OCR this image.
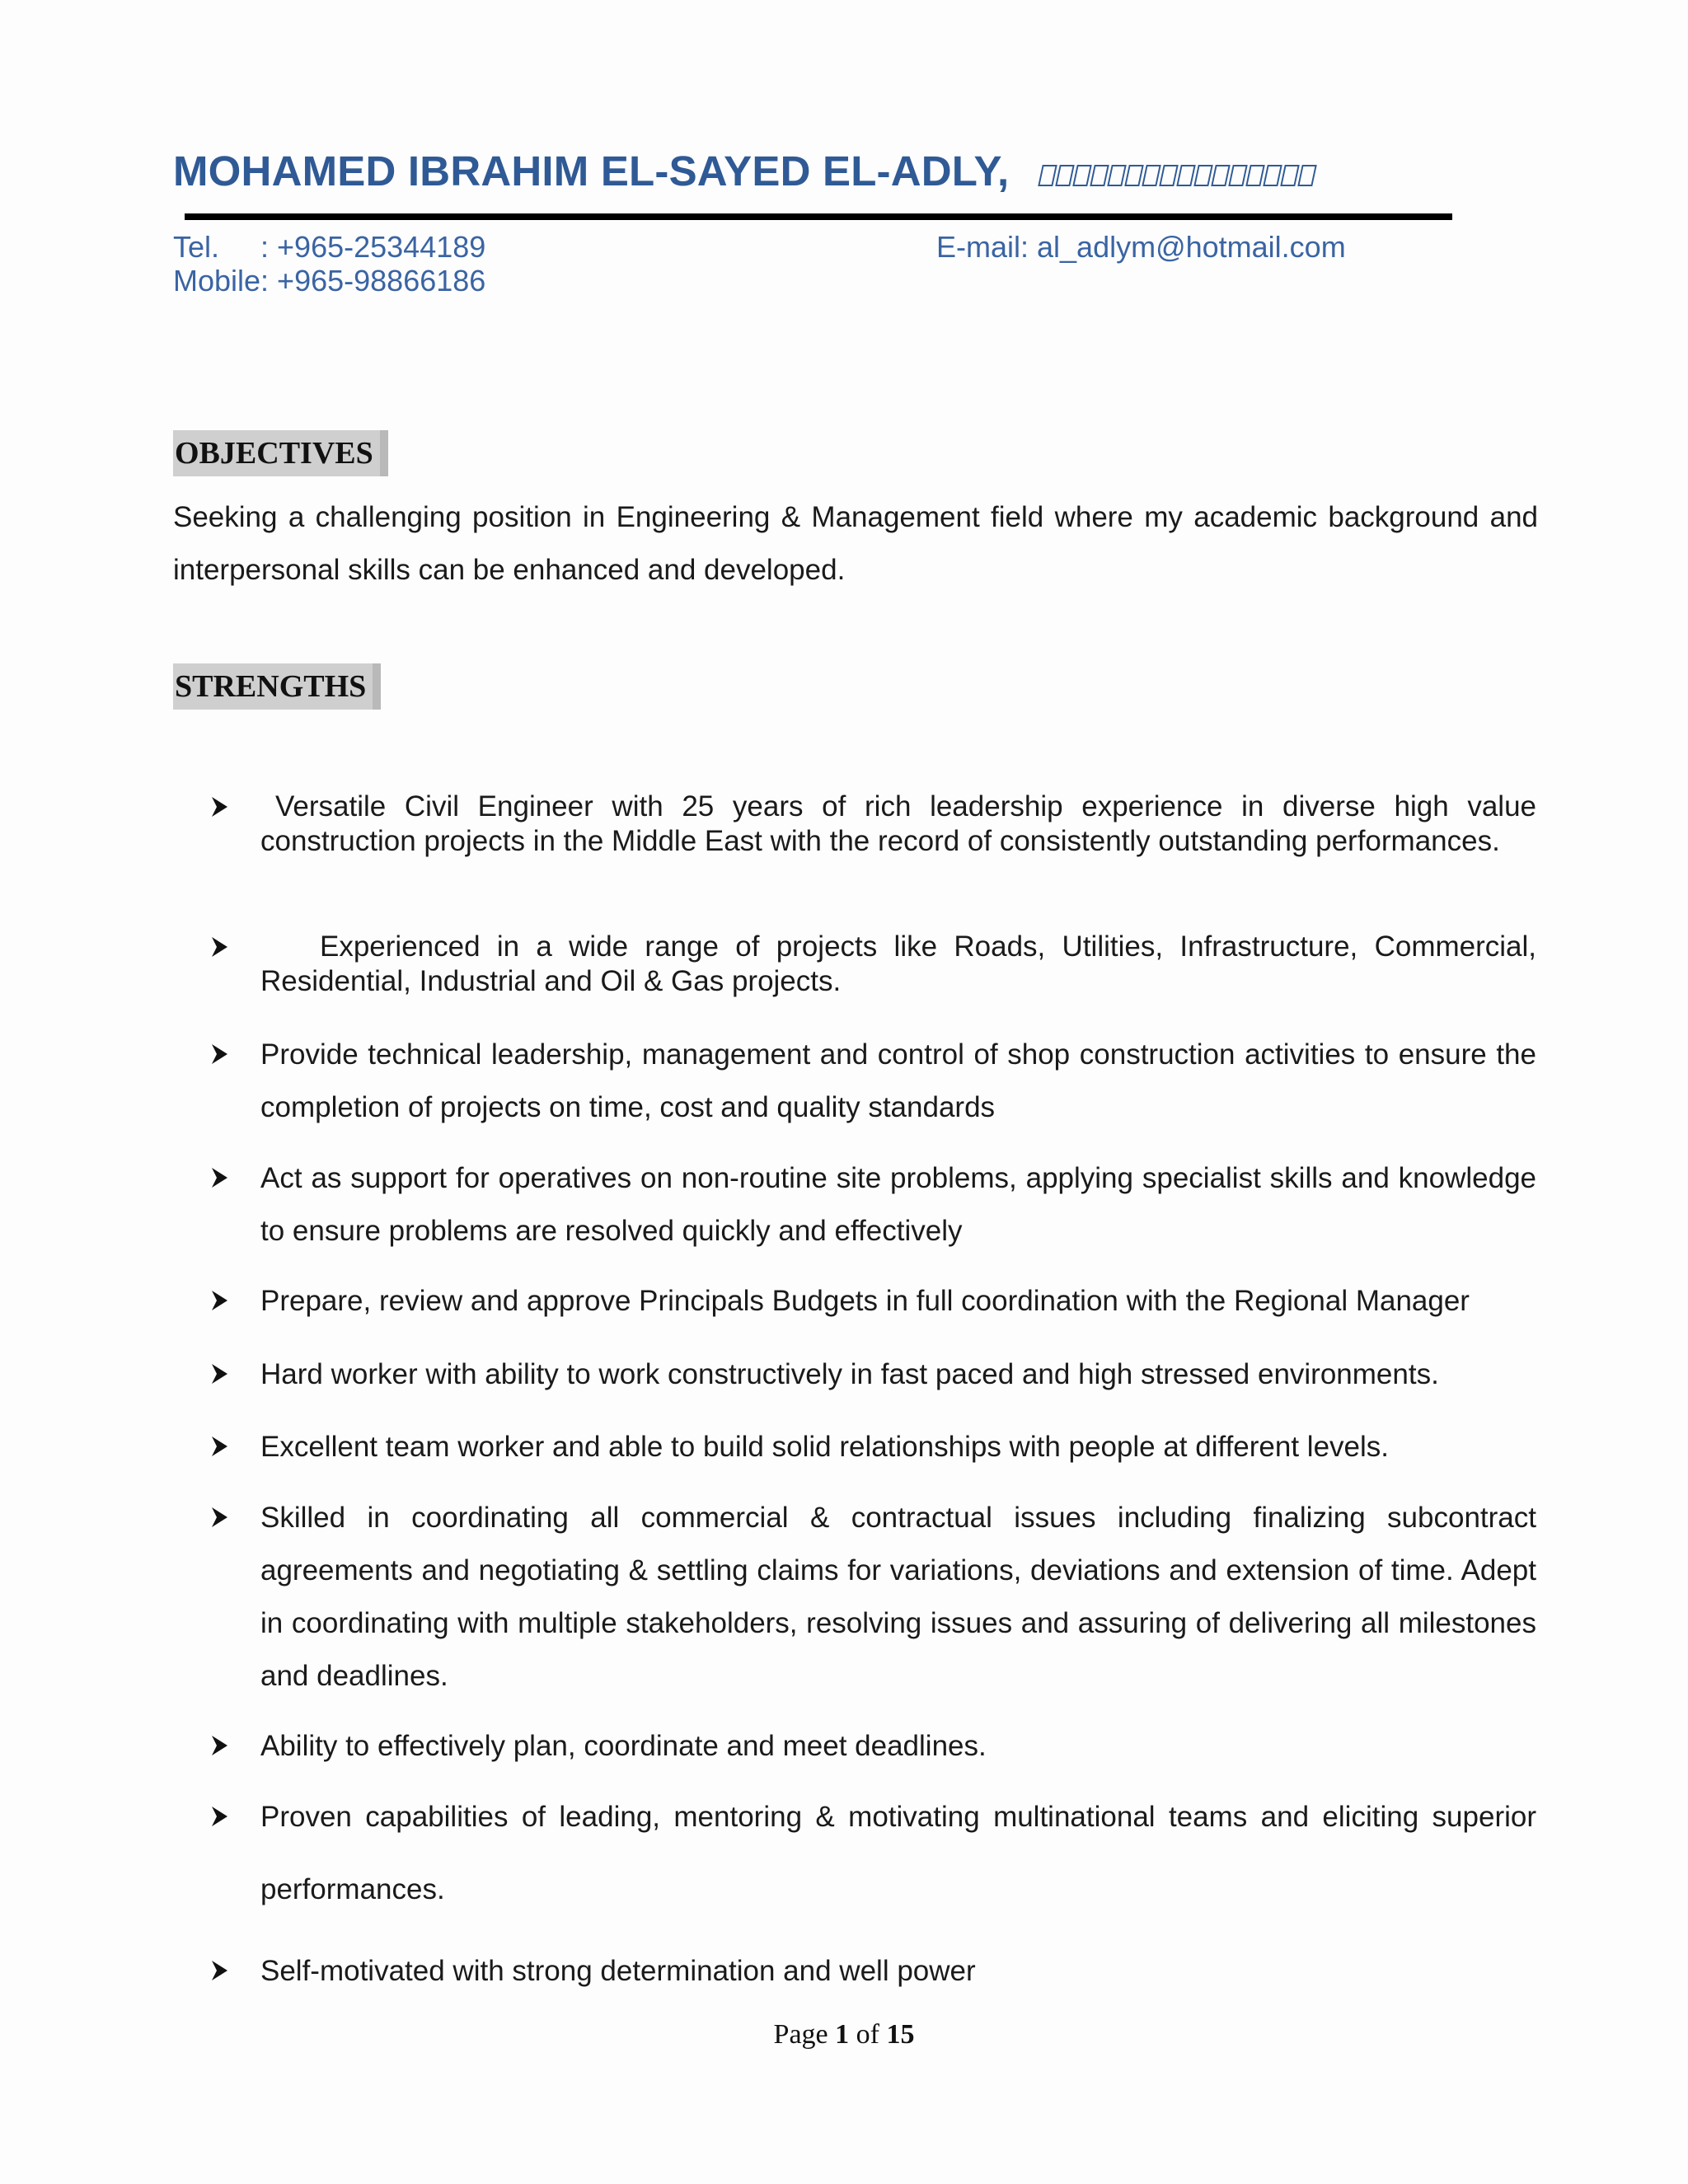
MOHAMED IBRAHIM EL-SAYED EL-ADLY,
Tel.     : +965-25344189
Mobile: +965-98866186
E-mail: al_adlym@hotmail.com
OBJECTIVES
Seeking a challenging position in Engineering & Management field where my academic background and interpersonal skills can be enhanced and developed.
STRENGTHS
Versatile Civil Engineer with 25 years of rich leadership experience in diverse high value construction projects in the Middle East with the record of consistently outstanding performances.
Experienced in a wide range of projects like Roads, Utilities, Infrastructure, Commercial, Residential, Industrial and Oil & Gas projects.
Provide technical leadership, management and control of shop construction activities to ensure the completion of projects on time, cost and quality standards
Act as support for operatives on non-routine site problems, applying specialist skills and knowledge to ensure problems are resolved quickly and effectively
Prepare, review and approve Principals Budgets in full coordination with the Regional Manager
Hard worker with ability to work constructively in fast paced and high stressed environments.
Excellent team worker and able to build solid relationships with people at different levels.
Skilled in coordinating all commercial & contractual issues including finalizing subcontract agreements and negotiating & settling claims for variations, deviations and extension of time. Adept in coordinating with multiple stakeholders, resolving issues and assuring of delivering all milestones and deadlines.
Ability to effectively plan, coordinate and meet deadlines.
Proven capabilities of leading, mentoring & motivating multinational teams and eliciting superior      performances.
Self-motivated with strong determination and well power
Page 1 of 15
